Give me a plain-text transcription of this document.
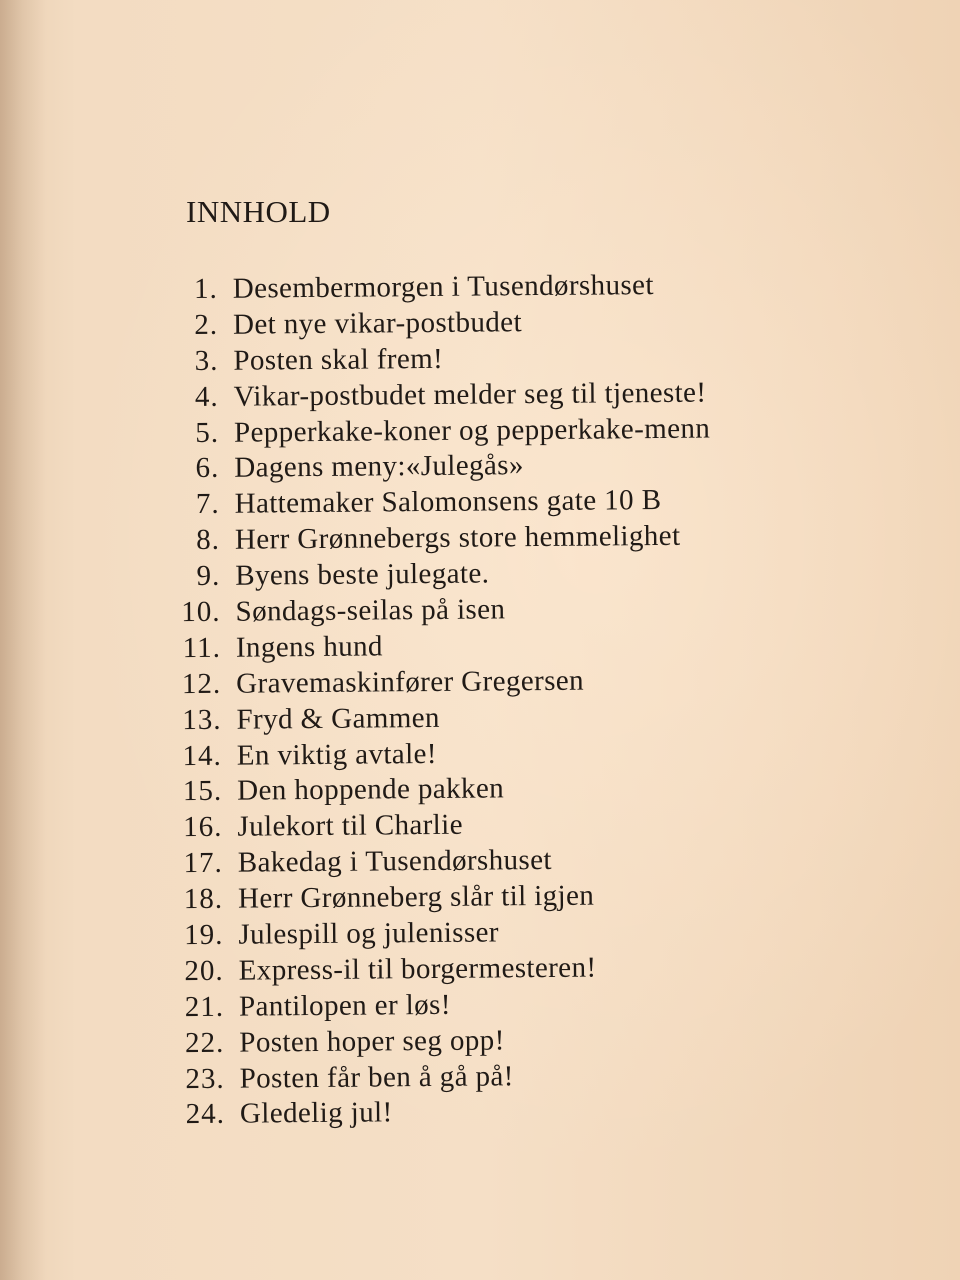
INNHOLD
1. Desembermorgen i Tusendørshuset
2. Det nye vikar-postbudet
3. Posten skal frem!
4. Vikar-postbudet melder seg til tjeneste!
5. Pepperkake-koner og pepperkake-menn
6. Dagens meny:«Julegås»
7. Hattemaker Salomonsens gate 10 B
8. Herr Grønnebergs store hemmelighet
9. Byens beste julegate.
10. Søndags-seilas på isen
11. Ingens hund
12. Gravemaskinfører Gregersen
13. Fryd & Gammen
14. En viktig avtale!
15. Den hoppende pakken
16. Julekort til Charlie
17. Bakedag i Tusendørshuset
18. Herr Grønneberg slår til igjen
19. Julespill og julenisser
20. Express-il til borgermesteren!
21. Pantilopen er løs!
22. Posten hoper seg opp!
23. Posten får ben å gå på!
24. Gledelig jul!
